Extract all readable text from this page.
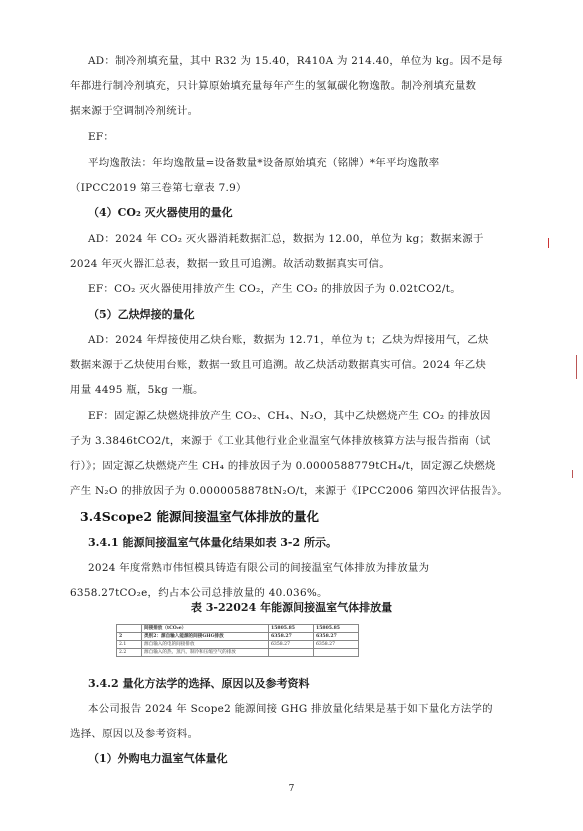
AD：制冷剂填充量，其中 R32 为 15.40，R410A 为 214.40，单位为 kg。因不是每
年都进行制冷剂填充，只计算原始填充量每年产生的氢氟碳化物逸散。制冷剂填充量数
据来源于空调制冷剂统计。
EF：
平均逸散法：年均逸散量=设备数量*设备原始填充（铭牌）*年平均逸散率
（IPCC2019 第三卷第七章表 7.9）
（4）CO₂ 灭火器使用的量化
AD：2024 年 CO₂ 灭火器消耗数据汇总，数据为 12.00，单位为 kg；数据来源于
2024 年灭火器汇总表，数据一致且可追溯。故活动数据真实可信。
EF：CO₂ 灭火器使用排放产生 CO₂，产生 CO₂ 的排放因子为 0.02tCO2/t。
（5）乙炔焊接的量化
AD：2024 年焊接使用乙炔台账，数据为 12.71，单位为 t；乙炔为焊接用气，乙炔
数据来源于乙炔使用台账，数据一致且可追溯。故乙炔活动数据真实可信。2024 年乙炔
用量 4495 瓶，5kg 一瓶。
EF：固定源乙炔燃烧排放产生 CO₂、CH₄、N₂O，其中乙炔燃烧产生 CO₂ 的排放因
子为 3.3846tCO2/t，来源于《工业其他行业企业温室气体排放核算方法与报告指南（试
行）》；固定源乙炔燃烧产生 CH₄ 的排放因子为 0.0000588779tCH₄/t，固定源乙炔燃烧
产生 N₂O 的排放因子为 0.0000058878tN₂O/t，来源于《IPCC2006 第四次评估报告》。
3.4Scope2 能源间接温室气体排放的量化
3.4.1 能源间接温室气体量化结果如表 3-2 所示。
2024 年度常熟市伟恒模具铸造有限公司的间接温室气体排放为排放量为
6358.27tCO₂e，约占本公司总排放量的 40.036%。
表 3-22024 年能源间接温室气体排放量
	间接排放（tCO₂e）	15805.85	15805.85
2	类别2：源自输入能源的间接GHG排放	6358.27	6358.27
2.1	源自输入的电的间接排放	6358.27	6358.27
2.2	源自输入的热、蒸汽、制冷和压缩空气的排放		
3.4.2 量化方法学的选择、原因以及参考资料
本公司报告 2024 年 Scope2 能源间接 GHG 排放量化结果是基于如下量化方法学的
选择、原因以及参考资料。
（1）外购电力温室气体量化
7
